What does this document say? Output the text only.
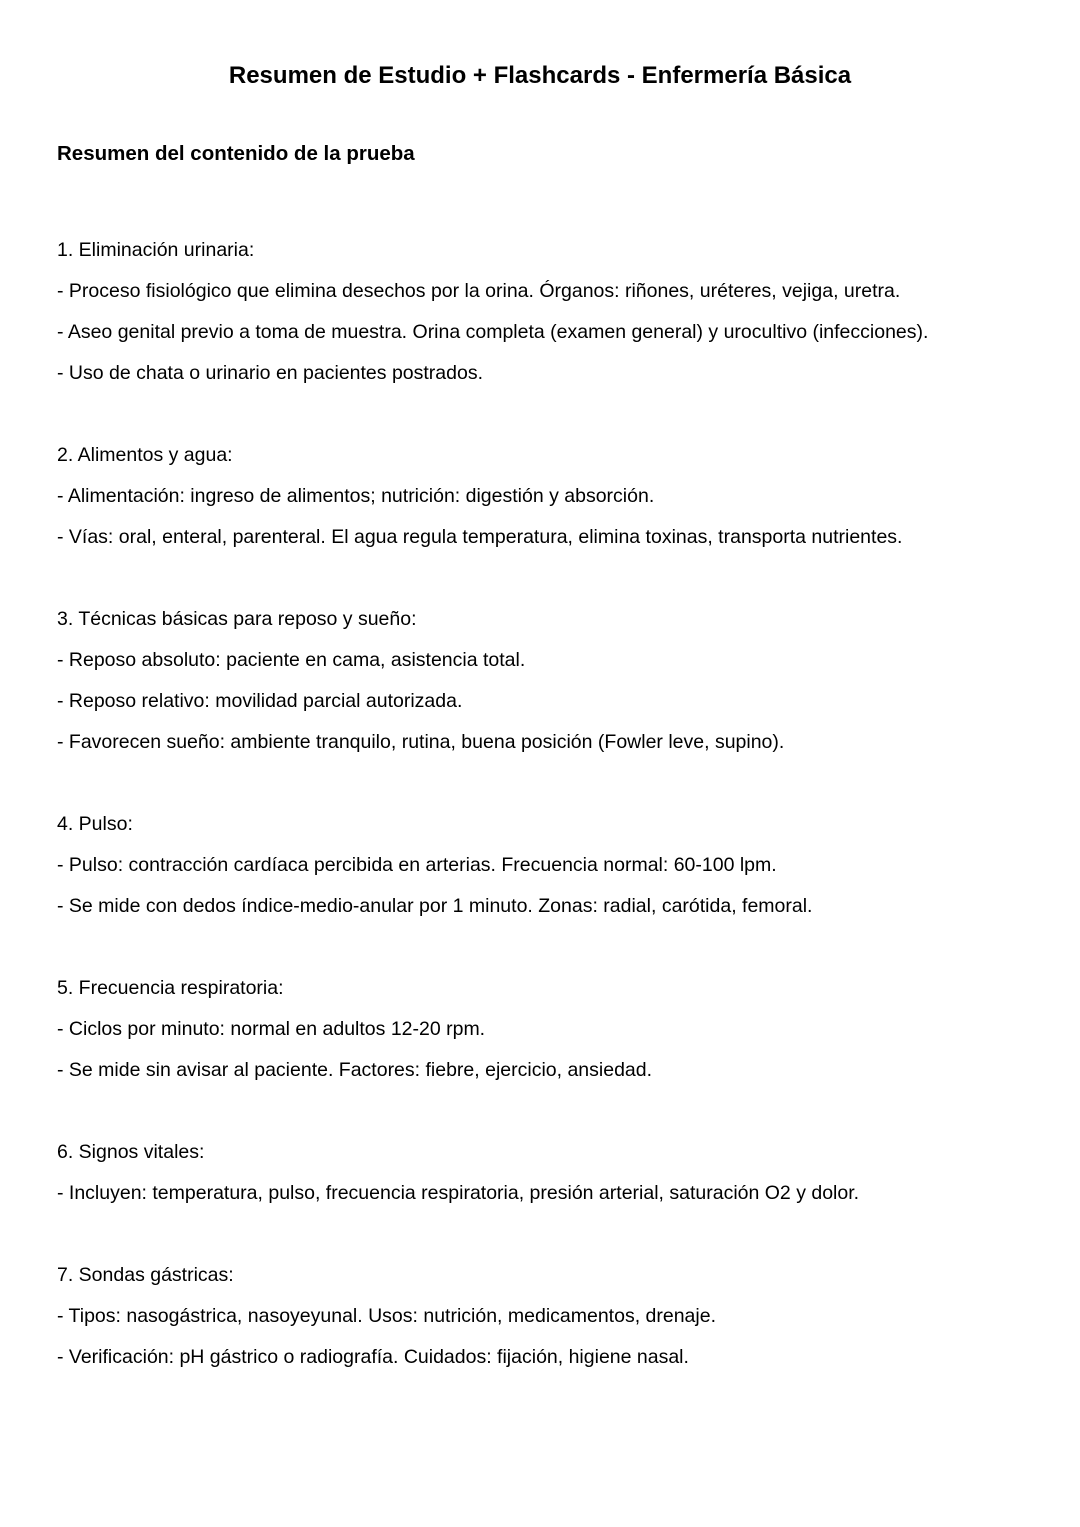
Resumen de Estudio + Flashcards - Enfermería Básica
Resumen del contenido de la prueba
1. Eliminación urinaria:
- Proceso fisiológico que elimina desechos por la orina. Órganos: riñones, uréteres, vejiga, uretra.
- Aseo genital previo a toma de muestra. Orina completa (examen general) y urocultivo (infecciones).
- Uso de chata o urinario en pacientes postrados.
2. Alimentos y agua:
- Alimentación: ingreso de alimentos; nutrición: digestión y absorción.
- Vías: oral, enteral, parenteral. El agua regula temperatura, elimina toxinas, transporta nutrientes.
3. Técnicas básicas para reposo y sueño:
- Reposo absoluto: paciente en cama, asistencia total.
- Reposo relativo: movilidad parcial autorizada.
- Favorecen sueño: ambiente tranquilo, rutina, buena posición (Fowler leve, supino).
4. Pulso:
- Pulso: contracción cardíaca percibida en arterias. Frecuencia normal: 60-100 lpm.
- Se mide con dedos índice-medio-anular por 1 minuto. Zonas: radial, carótida, femoral.
5. Frecuencia respiratoria:
- Ciclos por minuto: normal en adultos 12-20 rpm.
- Se mide sin avisar al paciente. Factores: fiebre, ejercicio, ansiedad.
6. Signos vitales:
- Incluyen: temperatura, pulso, frecuencia respiratoria, presión arterial, saturación O2 y dolor.
7. Sondas gástricas:
- Tipos: nasogástrica, nasoyeyunal. Usos: nutrición, medicamentos, drenaje.
- Verificación: pH gástrico o radiografía. Cuidados: fijación, higiene nasal.
